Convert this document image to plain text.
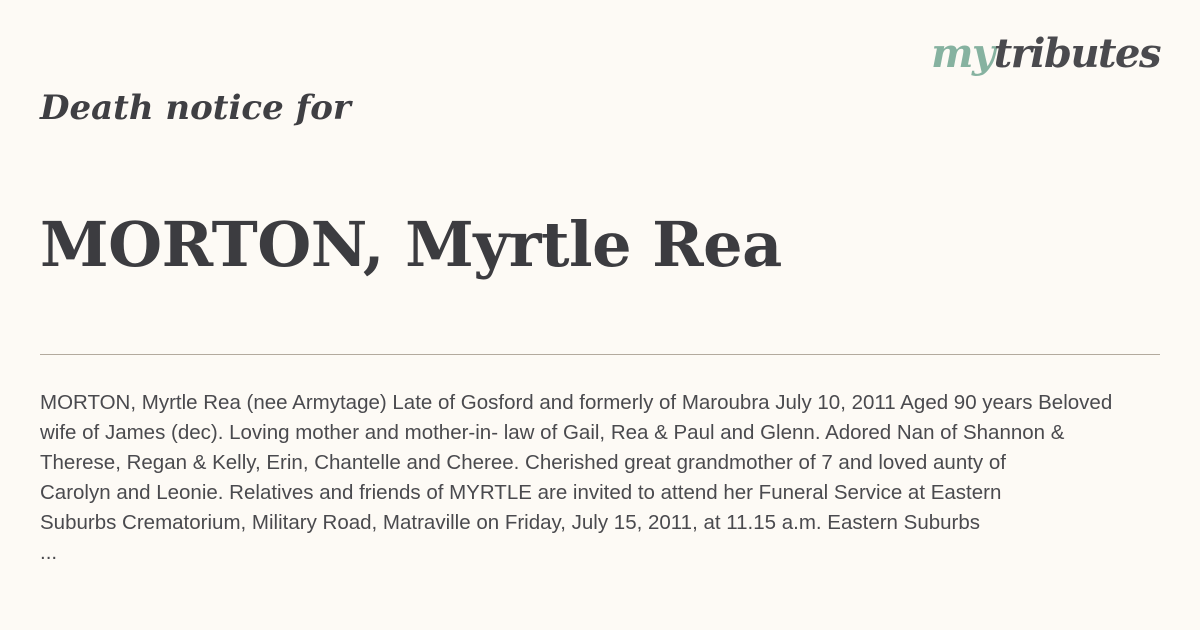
mytributes
Death notice for
MORTON, Myrtle Rea

MORTON, Myrtle Rea (nee Armytage) Late of Gosford and formerly of Maroubra July 10, 2011 Aged 90 years Beloved
wife of James (dec). Loving mother and mother-in- law of Gail, Rea & Paul and Glenn. Adored Nan of Shannon &
Therese, Regan & Kelly, Erin, Chantelle and Cheree. Cherished great grandmother of 7 and loved aunty of
Carolyn and Leonie. Relatives and friends of MYRTLE are invited to attend her Funeral Service at Eastern
Suburbs Crematorium, Military Road, Matraville on Friday, July 15, 2011, at 11.15 a.m. Eastern Suburbs
...
